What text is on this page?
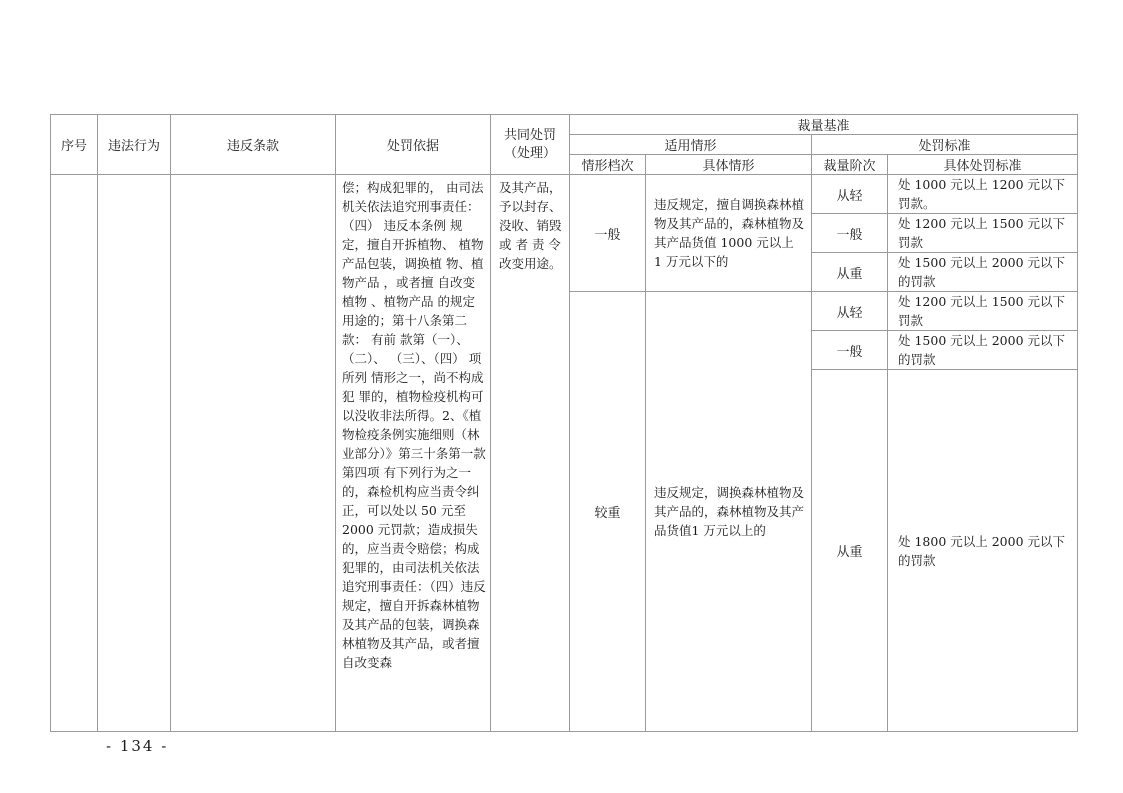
序号	违法行为	违反条款	处罚依据	共同处罚（处理）	裁量基准			
					适用情形		处罚标准	
					情形档次	具体情形	裁量阶次	具体处罚标准
			偿；构成犯罪的， 由司法机关依法追究刑事责任：（四） 违反本条例 规定，擅自开拆植物、 植物产品包装，调换植 物、植物产品 ，或者擅 自改变植物 、植物产品 的规定用途的；第十八条第二款： 有前 款第（一）、（二）、 （三）、（四） 项所列 情形之一，尚不构成犯 罪的，植物检疫机构可 以没收非法所得。2、《植物检疫条例实施细则（林业部分）》第三十条第一款第四项 有下列行为之一的，森检机构应当责令纠正，可以处以 50 元至 2000 元罚款；造成损失的，应当责令赔偿；构成犯罪的，由司法机关依法追究刑事责任：（四）违反规定，擅自开拆森林植物及其产品的包装，调换森林植物及其产品，或者擅自改变森	及其产品，予以封存、没收、销毁或 者 责 令改变用途。	一般	违反规定，擅自调换森林植物及其产品的，森林植物及其产品货值 1000 元以上 1 万元以下的	从轻	处 1000 元以上 1200 元以下 罚款。
							一般	处 1200 元以上 1500 元以下 罚款
							从重	处 1500 元以上 2000 元以下 的罚款
					较重	违反规定，调换森林植物及其产品的，森林植物及其产品货值1 万元以上的	从轻	处 1200 元以上 1500 元以下 罚款
							一般	处 1500 元以上 2000 元以下 的罚款
							从重	处 1800 元以上 2000 元以下 的罚款
- 134 -
